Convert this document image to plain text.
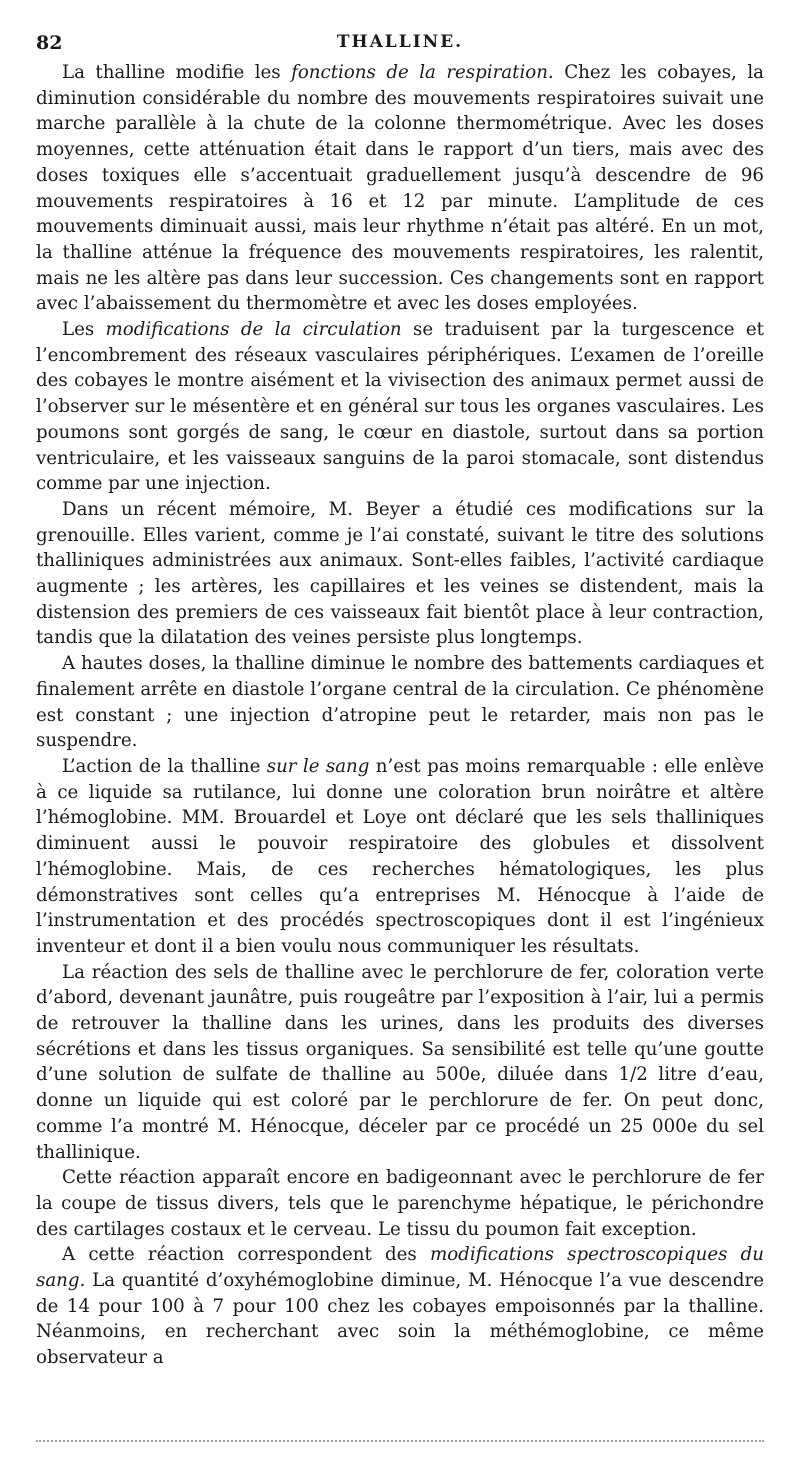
82	THALLINE.

La thalline modifie les fonctions de la respiration. Chez les cobayes, la diminution considérable du nombre des mouvements respiratoires suivait une marche parallèle à la chute de la colonne thermométrique. Avec les doses moyennes, cette atténuation était dans le rapport d’un tiers, mais avec des doses toxiques elle s’accentuait graduellement jusqu’à descendre de 96 mouvements respiratoires à 16 et 12 par minute. L’amplitude de ces mouvements diminuait aussi, mais leur rhythme n’était pas altéré. En un mot, la thalline atténue la fréquence des mouvements respiratoires, les ralentit, mais ne les altère pas dans leur succession. Ces changements sont en rapport avec l’abaissement du thermomètre et avec les doses employées.

Les modifications de la circulation se traduisent par la turgescence et l’encombrement des réseaux vasculaires périphériques. L’examen de l’oreille des cobayes le montre aisément et la vivisection des animaux permet aussi de l’observer sur le mésentère et en général sur tous les organes vasculaires. Les poumons sont gorgés de sang, le cœur en diastole, surtout dans sa portion ventriculaire, et les vaisseaux sanguins de la paroi stomacale, sont distendus comme par une injection.

Dans un récent mémoire, M. Beyer a étudié ces modifications sur la grenouille. Elles varient, comme je l’ai constaté, suivant le titre des solutions thalliniques administrées aux animaux. Sont-elles faibles, l’activité cardiaque augmente ; les artères, les capillaires et les veines se distendent, mais la distension des premiers de ces vaisseaux fait bientôt place à leur contraction, tandis que la dilatation des veines persiste plus longtemps.

A hautes doses, la thalline diminue le nombre des battements cardiaques et finalement arrête en diastole l’organe central de la circulation. Ce phénomène est constant ; une injection d’atropine peut le retarder, mais non pas le suspendre.

L’action de la thalline sur le sang n’est pas moins remarquable : elle enlève à ce liquide sa rutilance, lui donne une coloration brun noirâtre et altère l’hémoglobine. MM. Brouardel et Loye ont déclaré que les sels thalliniques diminuent aussi le pouvoir respiratoire des globules et dissolvent l’hémoglobine. Mais, de ces recherches hématologiques, les plus démonstratives sont celles qu’a entreprises M. Hénocque à l’aide de l’instrumentation et des procédés spectroscopiques dont il est l’ingénieux inventeur et dont il a bien voulu nous communiquer les résultats.

La réaction des sels de thalline avec le perchlorure de fer, coloration verte d’abord, devenant jaunâtre, puis rougeâtre par l’exposition à l’air, lui a permis de retrouver la thalline dans les urines, dans les produits des diverses sécrétions et dans les tissus organiques. Sa sensibilité est telle qu’une goutte d’une solution de sulfate de thalline au 500e, diluée dans 1/2 litre d’eau, donne un liquide qui est coloré par le perchlorure de fer. On peut donc, comme l’a montré M. Hénocque, déceler par ce procédé un 25 000e du sel thallinique.

Cette réaction apparaît encore en badigeonnant avec le perchlorure de fer la coupe de tissus divers, tels que le parenchyme hépatique, le périchondre des cartilages costaux et le cerveau. Le tissu du poumon fait exception.

A cette réaction correspondent des modifications spectroscopiques du sang. La quantité d’oxyhémoglobine diminue, M. Hénocque l’a vue descendre de 14 pour 100 à 7 pour 100 chez les cobayes empoisonnés par la thalline. Néanmoins, en recherchant avec soin la méthémoglobine, ce même observateur a
